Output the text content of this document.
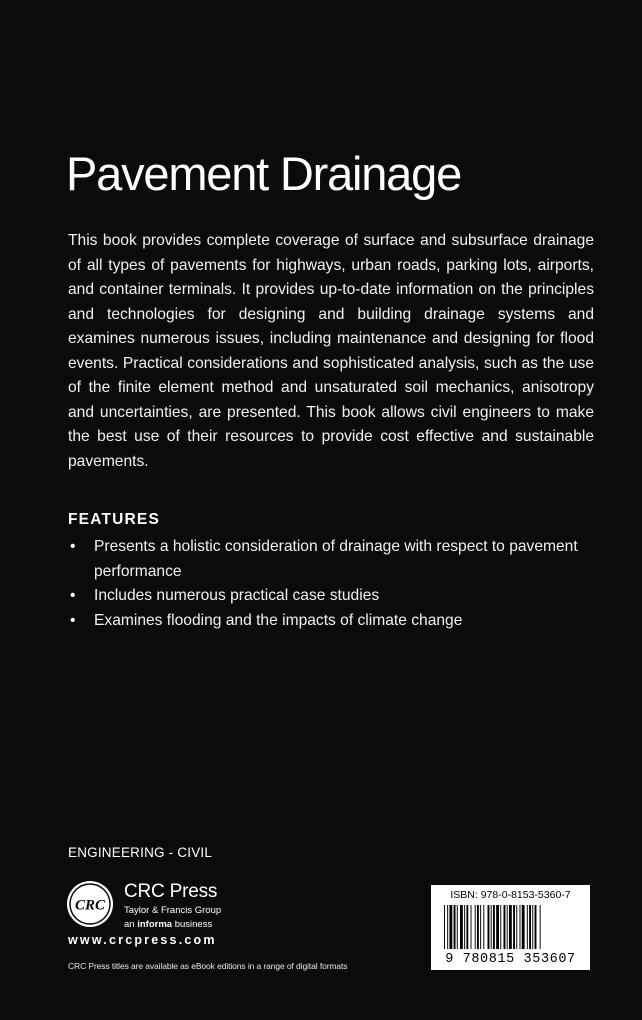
Pavement Drainage
This book provides complete coverage of surface and subsurface drainage of all types of pavements for highways, urban roads, parking lots, airports, and container terminals. It provides up-to-date information on the principles and technologies for designing and building drainage systems and examines numerous issues, including maintenance and designing for flood events. Practical considerations and sophisticated analysis, such as the use of the finite element method and unsaturated soil mechanics, anisotropy and uncertainties, are presented. This book allows civil engineers to make the best use of their resources to provide cost effective and sustainable pavements.
FEATURES
• Presents a holistic consideration of drainage with respect to pavement performance
• Includes numerous practical case studies
• Examines flooding and the impacts of climate change
ENGINEERING - CIVIL
CRC
CRC Press
Taylor & Francis Group
an informa business
www.crcpress.com
CRC Press titles are available as eBook editions in a range of digital formats
ISBN: 978-0-8153-5360-7
9 780815 353607
